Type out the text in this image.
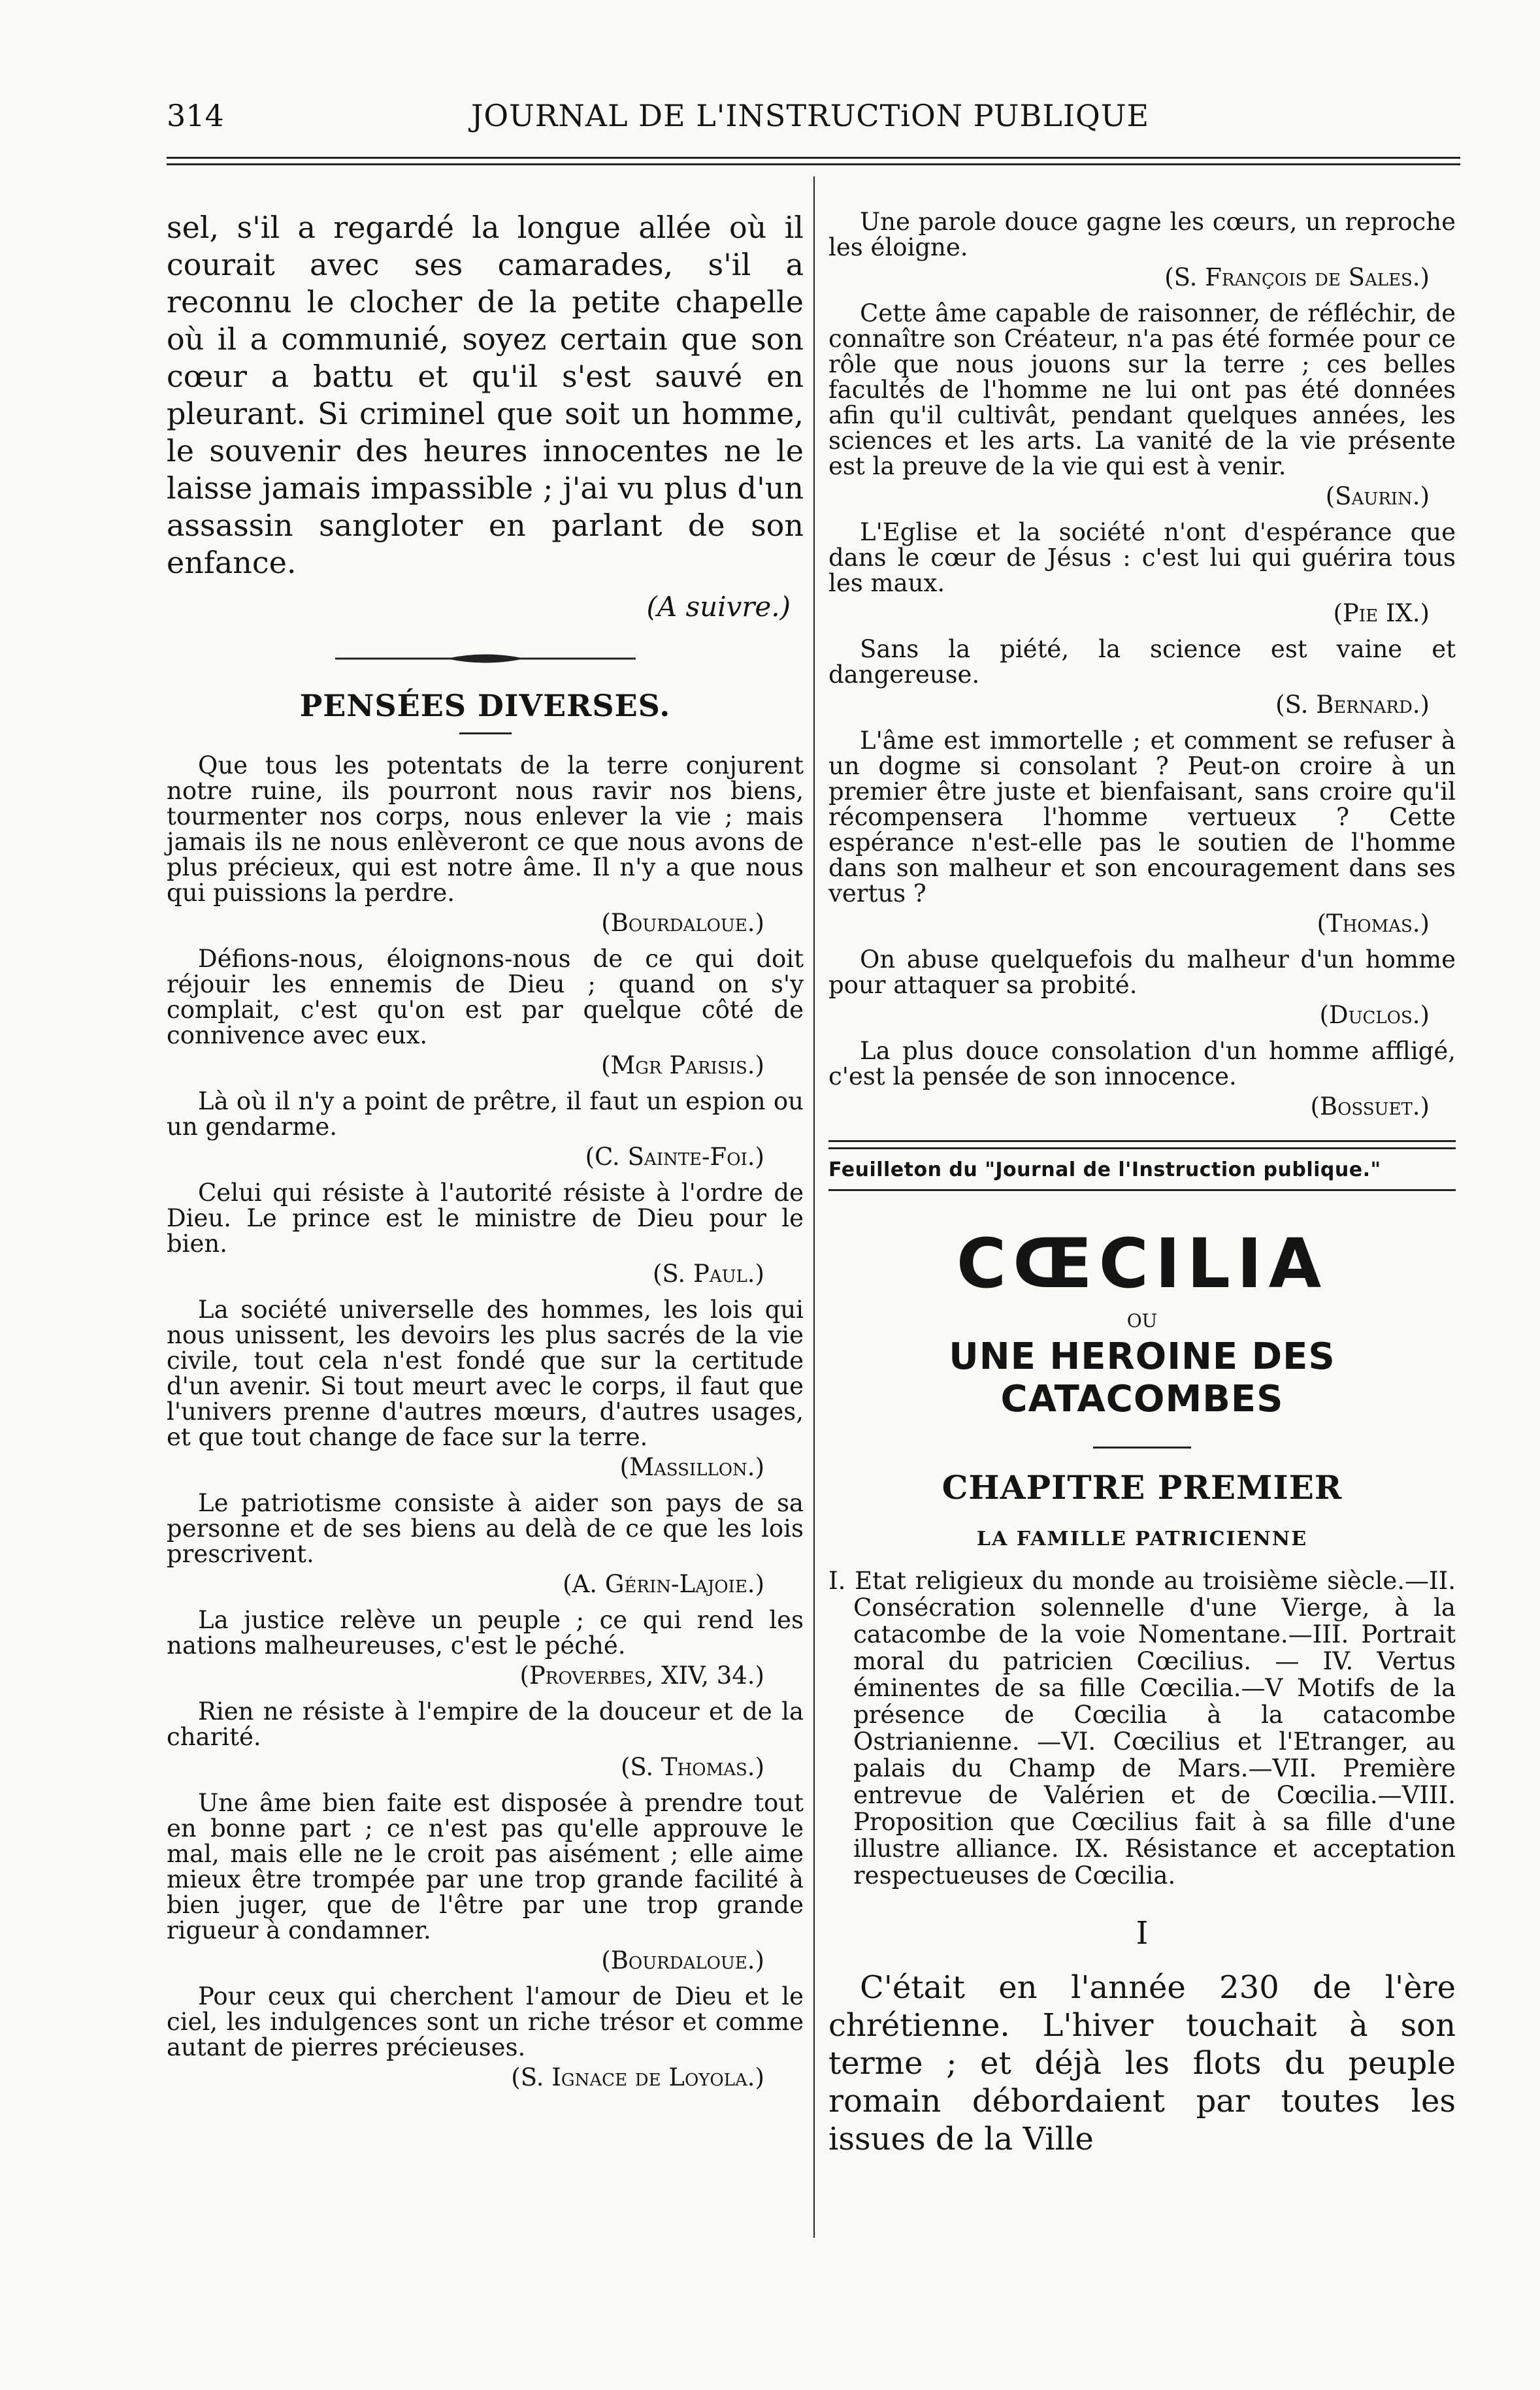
314	JOURNAL DE L'INSTRUCTiON PUBLIQUE

sel, s'il a regardé la longue allée où il courait avec ses camarades, s'il a reconnu le clocher de la petite chapelle où il a communié, soyez certain que son cœur a battu et qu'il s'est sauvé en pleurant. Si criminel que soit un homme, le souvenir des heures innocentes ne le laisse jamais impassible ; j'ai vu plus d'un assassin sangloter en parlant de son enfance.

(A suivre.)
PENSÉES DIVERSES.

Que tous les potentats de la terre conjurent notre ruine, ils pourront nous ravir nos biens, tourmenter nos corps, nous enlever la vie ; mais jamais ils ne nous enlèveront ce que nous avons de plus précieux, qui est notre âme. Il n'y a que nous qui puissions la perdre.

(Bourdaloue.)

Défions-nous, éloignons-nous de ce qui doit réjouir les ennemis de Dieu ; quand on s'y complait, c'est qu'on est par quelque côté de connivence avec eux.

(Mgr Parisis.)

Là où il n'y a point de prêtre, il faut un espion ou un gendarme.

(C. Sainte-Foi.)

Celui qui résiste à l'autorité résiste à l'ordre de Dieu. Le prince est le ministre de Dieu pour le bien.

(S. Paul.)

La société universelle des hommes, les lois qui nous unissent, les devoirs les plus sacrés de la vie civile, tout cela n'est fondé que sur la certitude d'un avenir. Si tout meurt avec le corps, il faut que l'univers prenne d'autres mœurs, d'autres usages, et que tout change de face sur la terre.

(Massillon.)

Le patriotisme consiste à aider son pays de sa personne et de ses biens au delà de ce que les lois prescrivent.

(A. Gérin-Lajoie.)

La justice relève un peuple ; ce qui rend les nations malheureuses, c'est le péché.

(Proverbes, XIV, 34.)

Rien ne résiste à l'empire de la douceur et de la charité.

(S. Thomas.)

Une âme bien faite est disposée à prendre tout en bonne part ; ce n'est pas qu'elle approuve le mal, mais elle ne le croit pas aisément ; elle aime mieux être trompée par une trop grande facilité à bien juger, que de l'être par une trop grande rigueur à condamner.

(Bourdaloue.)

Pour ceux qui cherchent l'amour de Dieu et le ciel, les indulgences sont un riche trésor et comme autant de pierres précieuses.

(S. Ignace de Loyola.)

Une parole douce gagne les cœurs, un reproche les éloigne.

(S. François de Sales.)

Cette âme capable de raisonner, de réfléchir, de connaître son Créateur, n'a pas été formée pour ce rôle que nous jouons sur la terre ; ces belles facultés de l'homme ne lui ont pas été données afin qu'il cultivât, pendant quelques années, les sciences et les arts. La vanité de la vie présente est la preuve de la vie qui est à venir.

(Saurin.)

L'Eglise et la société n'ont d'espérance que dans le cœur de Jésus : c'est lui qui guérira tous les maux.

(Pie IX.)

Sans la piété, la science est vaine et dangereuse.

(S. Bernard.)

L'âme est immortelle ; et comment se refuser à un dogme si consolant ? Peut-on croire à un premier être juste et bienfaisant, sans croire qu'il récompensera l'homme vertueux ? Cette espérance n'est-elle pas le soutien de l'homme dans son malheur et son encouragement dans ses vertus ?

(Thomas.)

On abuse quelquefois du malheur d'un homme pour attaquer sa probité.

(Duclos.)

La plus douce consolation d'un homme affligé, c'est la pensée de son innocence.

(Bossuet.)

Feuilleton du "Journal de l'Instruction publique."

CŒCILIA
OU
UNE HEROINE DES CATACOMBES
CHAPITRE PREMIER
LA FAMILLE PATRICIENNE

I. Etat religieux du monde au troisième siècle.—II. Consécration solennelle d'une Vierge, à la catacombe de la voie Nomentane.—III. Portrait moral du patricien Cœcilius. — IV. Vertus éminentes de sa fille Cœcilia.—V Motifs de la présence de Cœcilia à la catacombe Ostrianienne. —VI. Cœcilius et l'Etranger, au palais du Champ de Mars.—VII. Première entrevue de Valérien et de Cœcilia.—VIII. Proposition que Cœcilius fait à sa fille d'une illustre alliance. IX. Résistance et acceptation respectueuses de Cœcilia.

I

C'était en l'année 230 de l'ère chrétienne. L'hiver touchait à son terme ; et déjà les flots du peuple romain débordaient par toutes les issues de la Ville
